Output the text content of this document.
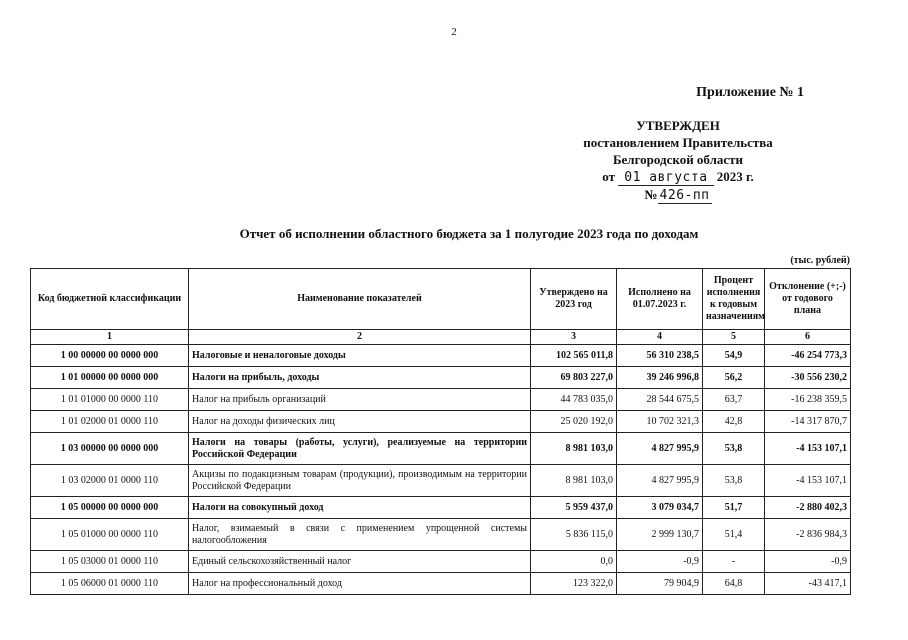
2
Приложение № 1
УТВЕРЖДЕН
постановлением Правительства
Белгородской области
от 01 августа 2023 г.
№ 426-пп
Отчет об исполнении областного бюджета за 1 полугодие 2023 года по доходам
(тыс. рублей)
Код бюджетной классификации	Наименование показателей	Утверждено на 2023 год	Исполнено на 01.07.2023 г.	Процент исполнения к годовым назначениям	Отклонение (+;-) от годового плана
1	2	3	4	5	6
1 00 00000 00 0000 000	Налоговые и неналоговые доходы	102 565 011,8	56 310 238,5	54,9	-46 254 773,3
1 01 00000 00 0000 000	Налоги на прибыль, доходы	69 803 227,0	39 246 996,8	56,2	-30 556 230,2
1 01 01000 00 0000 110	Налог на прибыль организаций	44 783 035,0	28 544 675,5	63,7	-16 238 359,5
1 01 02000 01 0000 110	Налог на доходы физических лиц	25 020 192,0	10 702 321,3	42,8	-14 317 870,7
1 03 00000 00 0000 000	Налоги на товары (работы, услуги), реализуемые на территории Российской Федерации	8 981 103,0	4 827 995,9	53,8	-4 153 107,1
1 03 02000 01 0000 110	Акцизы по подакцизным товарам (продукции), производимым на территории Российской Федерации	8 981 103,0	4 827 995,9	53,8	-4 153 107,1
1 05 00000 00 0000 000	Налоги на совокупный доход	5 959 437,0	3 079 034,7	51,7	-2 880 402,3
1 05 01000 00 0000 110	Налог, взимаемый в связи с применением упрощенной системы налогообложения	5 836 115,0	2 999 130,7	51,4	-2 836 984,3
1 05 03000 01 0000 110	Единый сельскохозяйственный налог	0,0	-0,9	-	-0,9
1 05 06000 01 0000 110	Налог на профессиональный доход	123 322,0	79 904,9	64,8	-43 417,1
